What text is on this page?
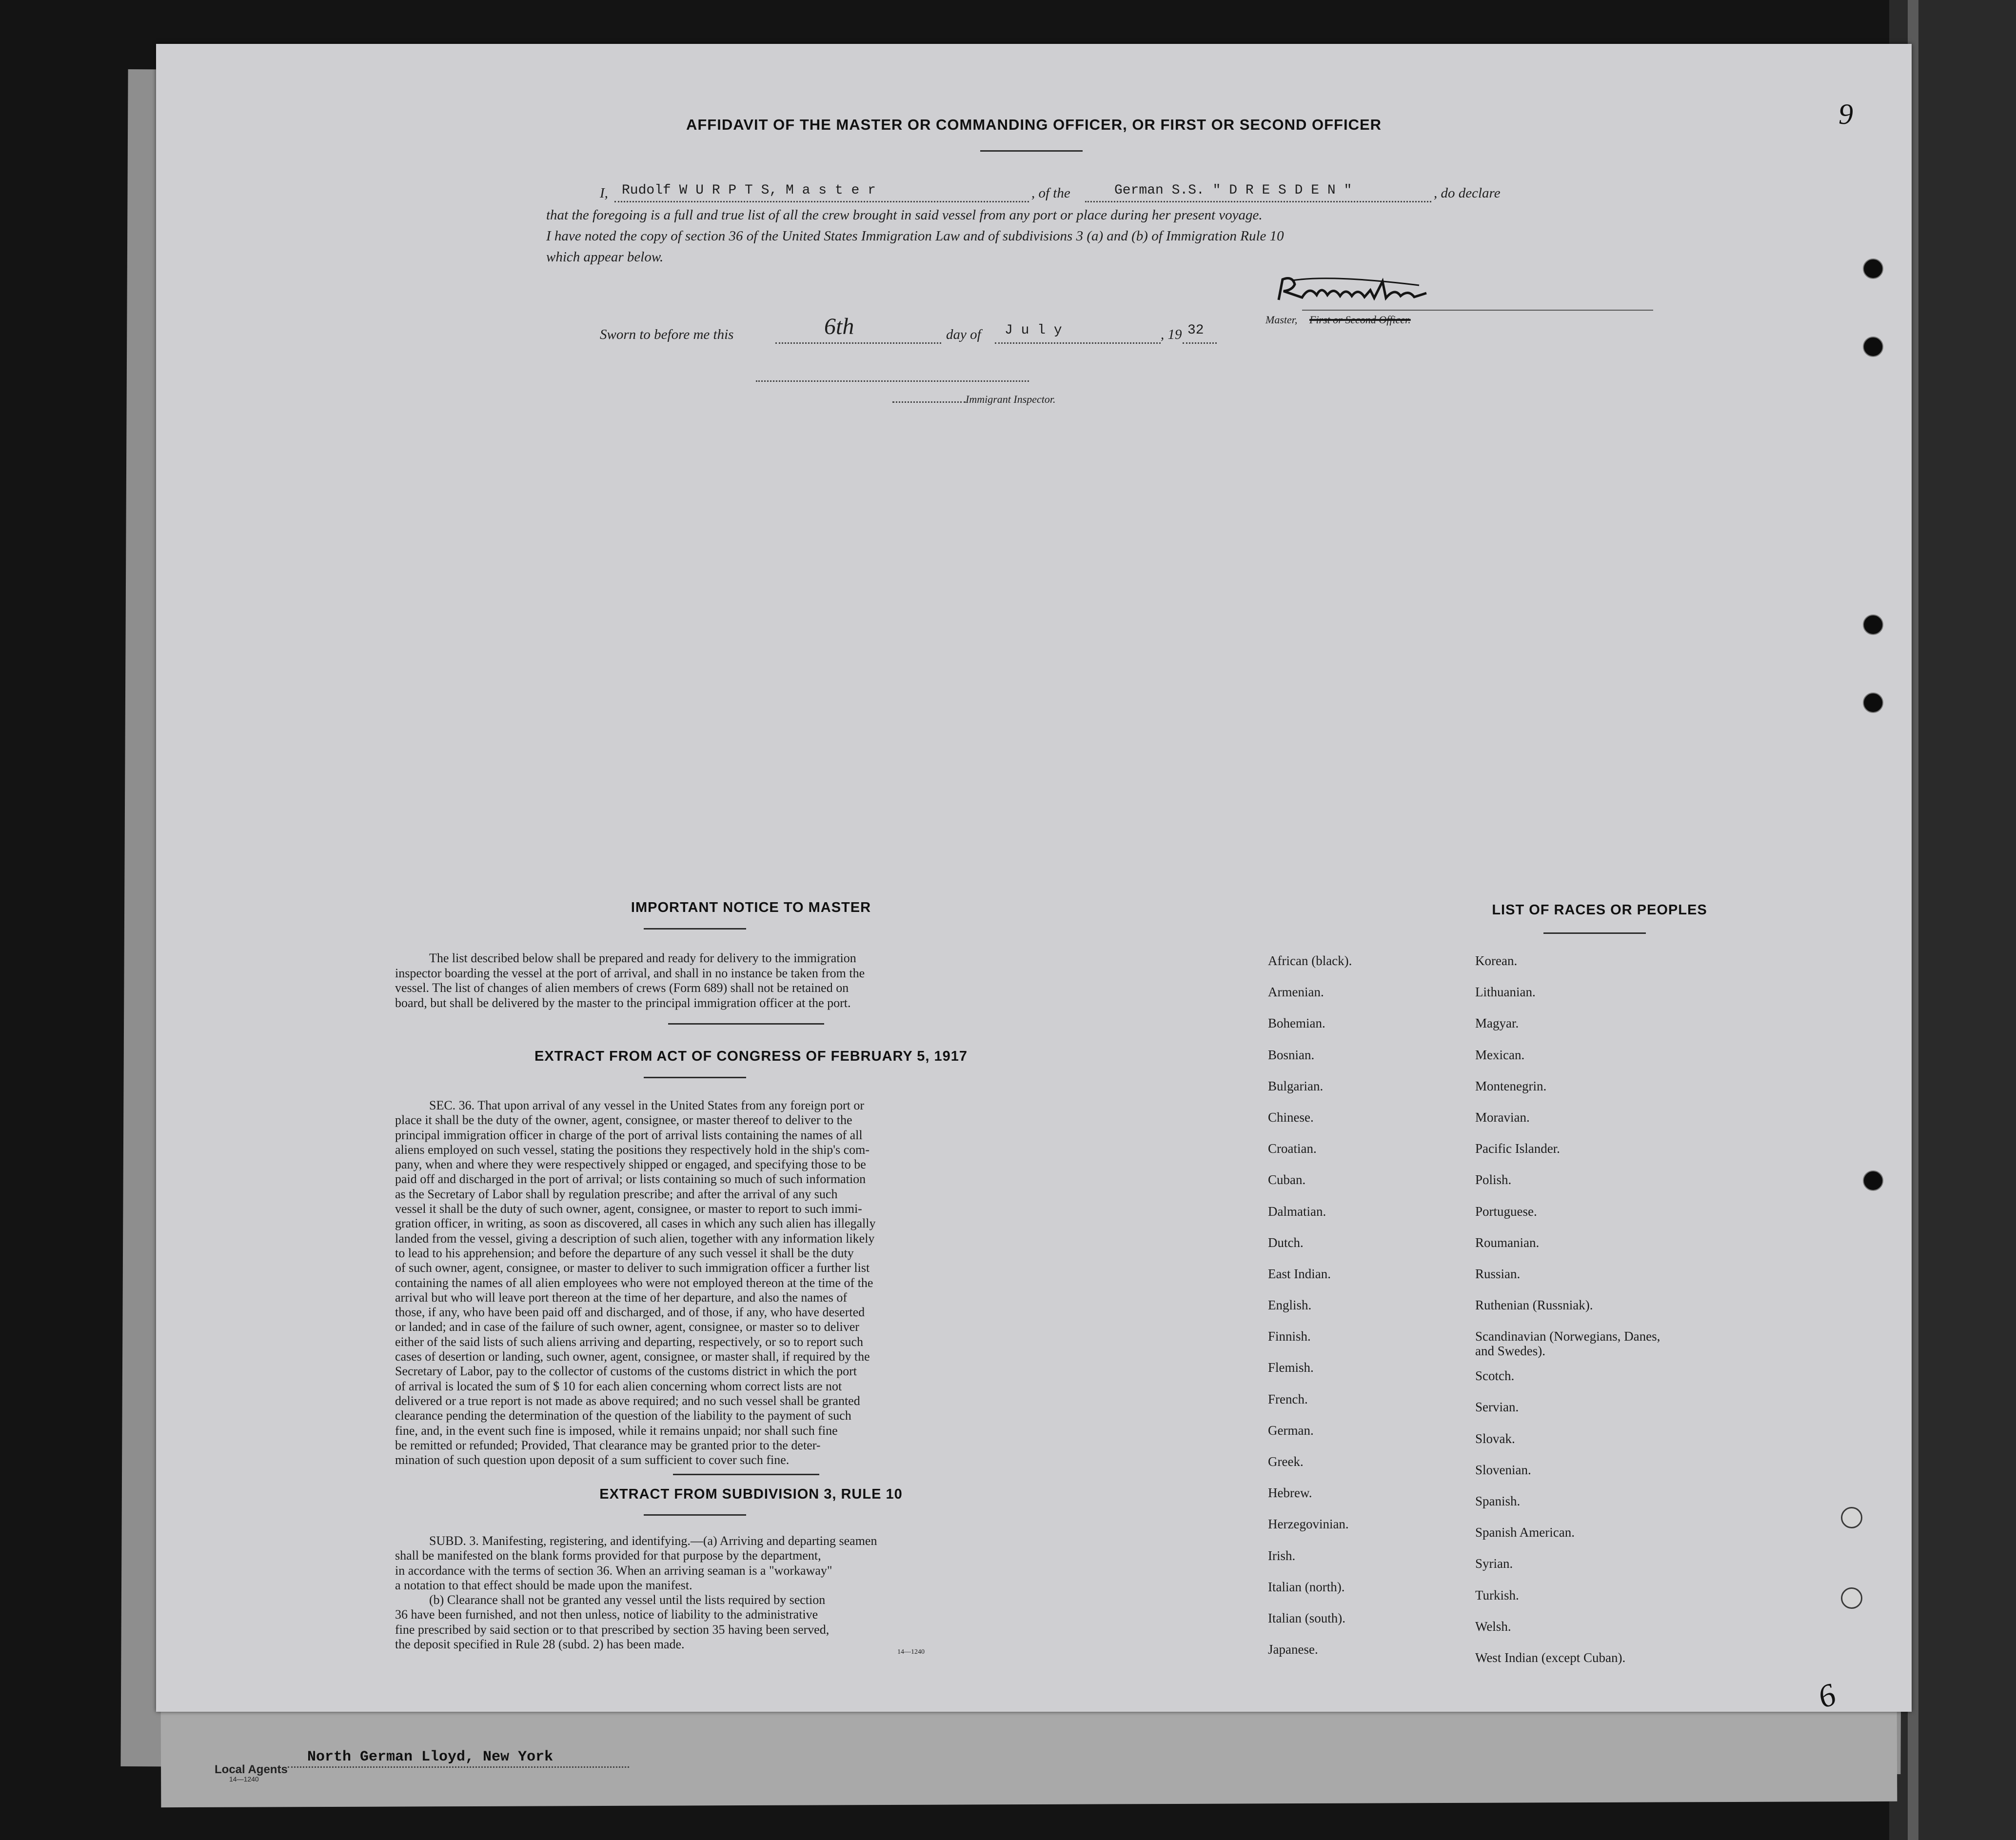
Local Agents
14—1240
North German Lloyd, New York
9
6
AFFIDAVIT OF THE MASTER OR COMMANDING OFFICER, OR FIRST OR SECOND OFFICER
I, Rudolf W U R P T S, M a s t e r	, of the	German S.S. " D R E S D E N "	, do declare
that the foregoing is a full and true list of all the crew brought in said vessel from any port or place during her present voyage.
I have noted the copy of section 36 of the United States Immigration Law and of subdivisions 3 (a) and (b) of Immigration Rule 10
which appear below.
Master, First or Second Officer.
Sworn to before me this	6th	day of J u l y	, 19 32
Immigrant Inspector.
IMPORTANT NOTICE TO MASTER
The list described below shall be prepared and ready for delivery to the immigration
inspector boarding the vessel at the port of arrival, and shall in no instance be taken from the
vessel. The list of changes of alien members of crews (Form 689) shall not be retained on
board, but shall be delivered by the master to the principal immigration officer at the port.
EXTRACT FROM ACT OF CONGRESS OF FEBRUARY 5, 1917
SEC. 36. That upon arrival of any vessel in the United States from any foreign port or
place it shall be the duty of the owner, agent, consignee, or master thereof to deliver to the
principal immigration officer in charge of the port of arrival lists containing the names of all
aliens employed on such vessel, stating the positions they respectively hold in the ship's com-
pany, when and where they were respectively shipped or engaged, and specifying those to be
paid off and discharged in the port of arrival; or lists containing so much of such information
as the Secretary of Labor shall by regulation prescribe; and after the arrival of any such
vessel it shall be the duty of such owner, agent, consignee, or master to report to such immi-
gration officer, in writing, as soon as discovered, all cases in which any such alien has illegally
landed from the vessel, giving a description of such alien, together with any information likely
to lead to his apprehension; and before the departure of any such vessel it shall be the duty
of such owner, agent, consignee, or master to deliver to such immigration officer a further list
containing the names of all alien employees who were not employed thereon at the time of the
arrival but who will leave port thereon at the time of her departure, and also the names of
those, if any, who have been paid off and discharged, and of those, if any, who have deserted
or landed; and in case of the failure of such owner, agent, consignee, or master so to deliver
either of the said lists of such aliens arriving and departing, respectively, or so to report such
cases of desertion or landing, such owner, agent, consignee, or master shall, if required by the
Secretary of Labor, pay to the collector of customs of the customs district in which the port
of arrival is located the sum of $ 10 for each alien concerning whom correct lists are not
delivered or a true report is not made as above required; and no such vessel shall be granted
clearance pending the determination of the question of the liability to the payment of such
fine, and, in the event such fine is imposed, while it remains unpaid; nor shall such fine
be remitted or refunded; Provided, That clearance may be granted prior to the deter-
mination of such question upon deposit of a sum sufficient to cover such fine.
EXTRACT FROM SUBDIVISION 3, RULE 10
SUBD. 3. Manifesting, registering, and identifying.—(a) Arriving and departing seamen
shall be manifested on the blank forms provided for that purpose by the department,
in accordance with the terms of section 36. When an arriving seaman is a "workaway"
a notation to that effect should be made upon the manifest.
(b) Clearance shall not be granted any vessel until the lists required by section
36 have been furnished, and not then unless, notice of liability to the administrative
fine prescribed by said section or to that prescribed by section 35 having been served,
the deposit specified in Rule 28 (subd. 2) has been made.
14—1240
LIST OF RACES OR PEOPLES
African (black).
Armenian.
Bohemian.
Bosnian.
Bulgarian.
Chinese.
Croatian.
Cuban.
Dalmatian.
Dutch.
East Indian.
English.
Finnish.
Flemish.
French.
German.
Greek.
Hebrew.
Herzegovinian.
Irish.
Italian (north).
Italian (south).
Japanese.
Korean.
Lithuanian.
Magyar.
Mexican.
Montenegrin.
Moravian.
Pacific Islander.
Polish.
Portuguese.
Roumanian.
Russian.
Ruthenian (Russniak).
Scandinavian (Norwegians, Danes, and Swedes).
Scotch.
Servian.
Slovak.
Slovenian.
Spanish.
Spanish American.
Syrian.
Turkish.
Welsh.
West Indian (except Cuban).
